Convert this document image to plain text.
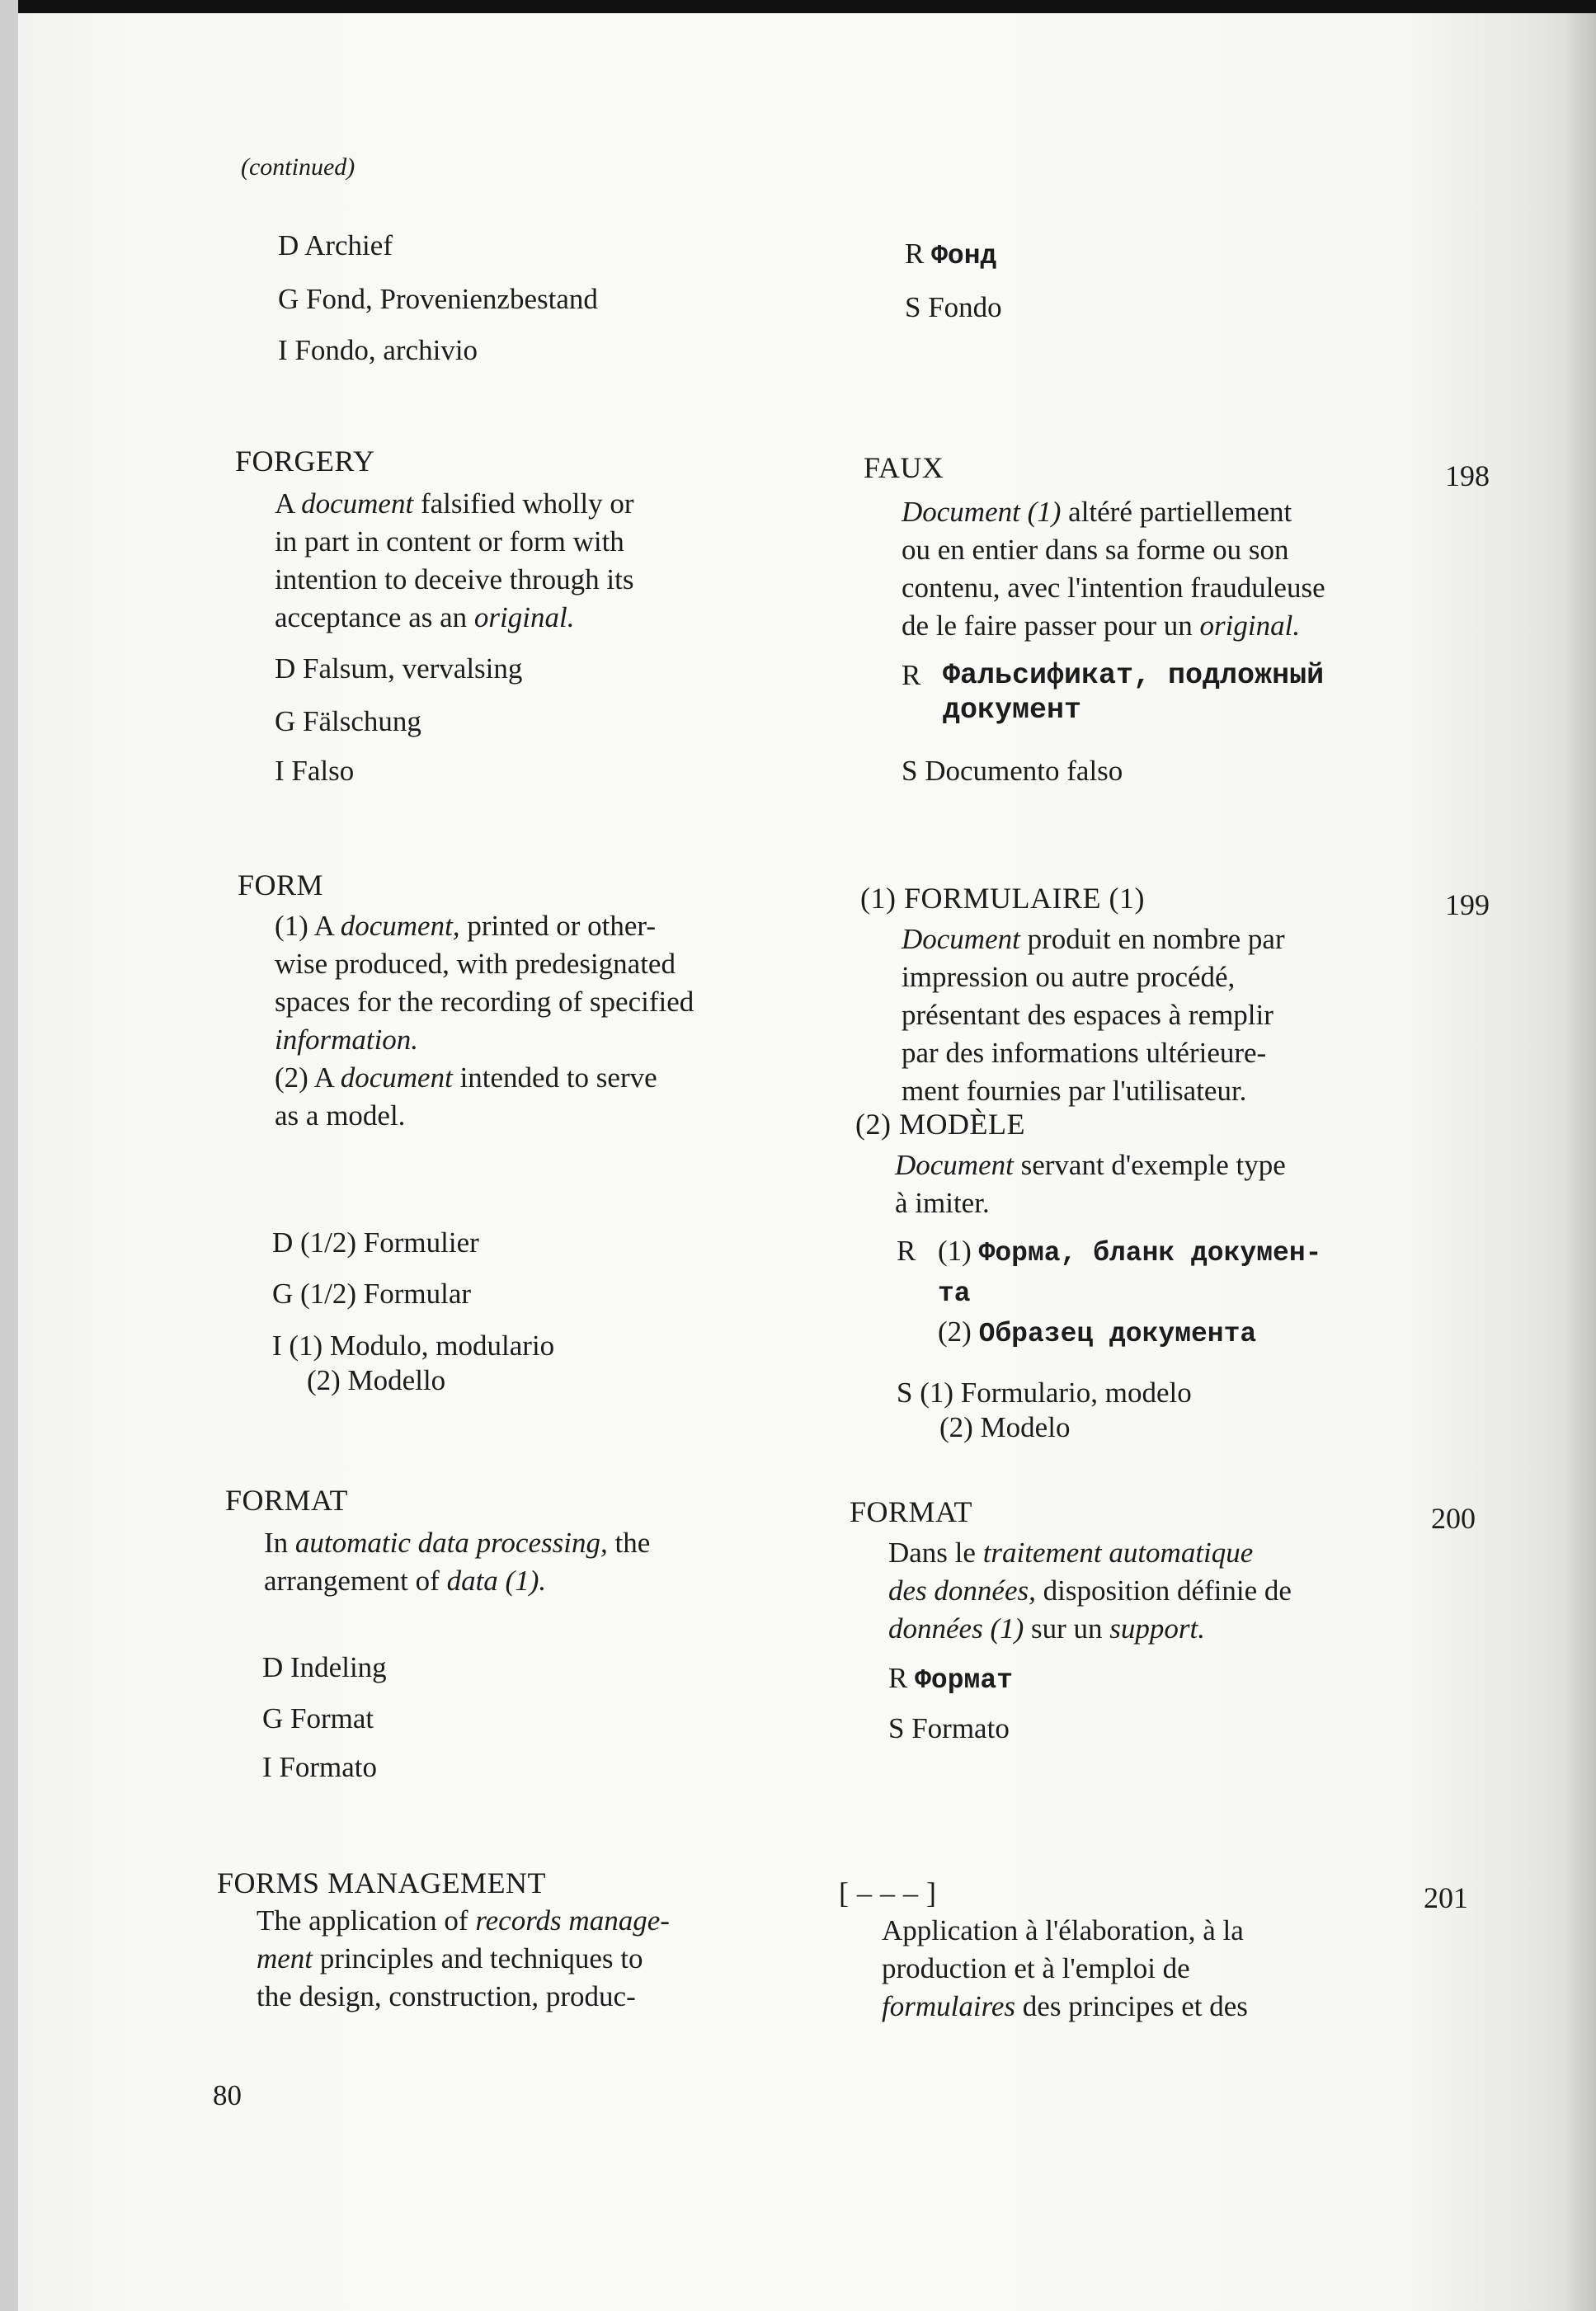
(continued)
D Archief
G Fond, Provenienzbestand
I Fondo, archivio
R Фонд
S Fondo
FORGERY
A document falsified wholly or
in part in content or form with
intention to deceive through its
acceptance as an original.
D Falsum, vervalsing
G Fälschung
I Falso
FAUX	198
Document (1) altéré partiellement
ou en entier dans sa forme ou son
contenu, avec l'intention frauduleuse
de le faire passer pour un original.
R Фальсификат, подложный
документ
S Documento falso
FORM
(1) A document, printed or other-
wise produced, with predesignated
spaces for the recording of specified
information.
(2) A document intended to serve
as a model.
D (1/2) Formulier
G (1/2) Formular
I (1) Modulo, modulario
(2) Modello
(1) FORMULAIRE (1)	199
Document produit en nombre par
impression ou autre procédé,
présentant des espaces à remplir
par des informations ultérieure-
ment fournies par l'utilisateur.
(2) MODÈLE
Document servant d'exemple type
à imiter.
R (1) Форма, бланк докумен-
та
(2) Образец документа
S (1) Formulario, modelo
(2) Modelo
FORMAT
In automatic data processing, the
arrangement of data (1).
D Indeling
G Format
I Formato
FORMAT	200
Dans le traitement automatique
des données, disposition définie de
données (1) sur un support.
R Формат
S Formato
FORMS MANAGEMENT
The application of records manage-
ment principles and techniques to
the design, construction, produc-
[ – – – ]	201
Application à l'élaboration, à la
production et à l'emploi de
formulaires des principes et des
80
